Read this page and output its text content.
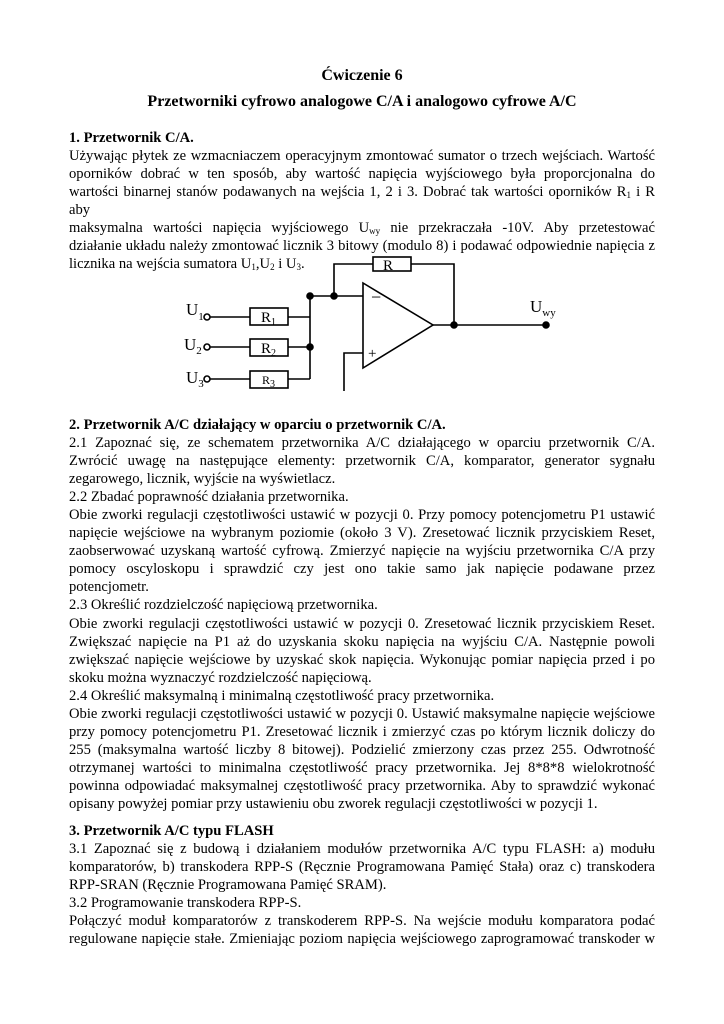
Ćwiczenie 6
Przetworniki cyfrowo analogowe C/A i analogowo cyfrowe A/C

1. Przetwornik C/A.

Używając płytek ze wzmacniaczem operacyjnym zmontować sumator o trzech wejściach. Wartość

oporników dobrać w ten sposób, aby wartość napięcia wyjściowego była proporcjonalna do

wartości binarnej stanów podawanych na wejścia 1, 2 i 3. Dobrać tak wartości oporników $R_1$ i R aby

maksymalna wartości napięcia wyjściowego $U_{wy}$ nie przekraczała -10V. Aby przetestować

działanie układu należy zmontować licznik 3 bitowy (modulo 8) i podawać odpowiednie napięcia z

licznika na wejścia sumatora $U_1,U_2$ i $U_3$.	R
−
+
$U_{wy}$
$U_1$
$U_2$
$U_3$
$R_1$
$R_2$
$R_3$

2. Przetwornik A/C działający w oparciu o przetwornik C/A.

2.1 Zapoznać się, ze schematem przetwornika A/C działającego w oparciu przetwornik C/A.

Zwrócić uwagę na następujące elementy: przetwornik C/A, komparator, generator sygnału

zegarowego, licznik, wyjście na wyświetlacz.

2.2 Zbadać poprawność działania przetwornika.

Obie zworki regulacji częstotliwości ustawić w pozycji 0. Przy pomocy potencjometru P1 ustawić

napięcie wejściowe na wybranym poziomie (około 3 V). Zresetować licznik przyciskiem Reset,

zaobserwować uzyskaną wartość cyfrową. Zmierzyć napięcie na wyjściu przetwornika C/A przy

pomocy oscyloskopu i sprawdzić czy jest ono takie samo jak napięcie podawane przez

potencjometr.

2.3 Określić rozdzielczość napięciową przetwornika.

Obie zworki regulacji częstotliwości ustawić w pozycji 0. Zresetować licznik przyciskiem Reset.

Zwiększać napięcie na P1 aż do uzyskania skoku napięcia na wyjściu C/A. Następnie powoli

zwiększać napięcie wejściowe by uzyskać skok napięcia. Wykonując pomiar napięcia przed i po

skoku można wyznaczyć rozdzielczość napięciową.

2.4 Określić maksymalną i minimalną częstotliwość pracy przetwornika.

Obie zworki regulacji częstotliwości ustawić w pozycji 0. Ustawić maksymalne napięcie wejściowe

przy pomocy potencjometru P1. Zresetować licznik i zmierzyć czas po którym licznik doliczy do

255 (maksymalna wartość liczby 8 bitowej). Podzielić zmierzony czas przez 255. Odwrotność

otrzymanej wartości to minimalna częstotliwość pracy przetwornika. Jej 8*8*8 wielokrotność

powinna odpowiadać maksymalnej częstotliwość pracy przetwornika. Aby to sprawdzić wykonać

opisany powyżej pomiar przy ustawieniu obu zworek regulacji częstotliwości w pozycji 1.

3. Przetwornik A/C typu FLASH

3.1 Zapoznać się z budową i działaniem modułów przetwornika A/C typu FLASH: a) modułu

komparatorów, b) transkodera RPP-S (Ręcznie Programowana Pamięć Stała) oraz c) transkodera

RPP-SRAN (Ręcznie Programowana Pamięć SRAM).

3.2 Programowanie transkodera RPP-S.

Połączyć moduł komparatorów z transkoderem RPP-S. Na wejście modułu komparatora podać

regulowane napięcie stałe. Zmieniając poziom napięcia wejściowego zaprogramować transkoder w
